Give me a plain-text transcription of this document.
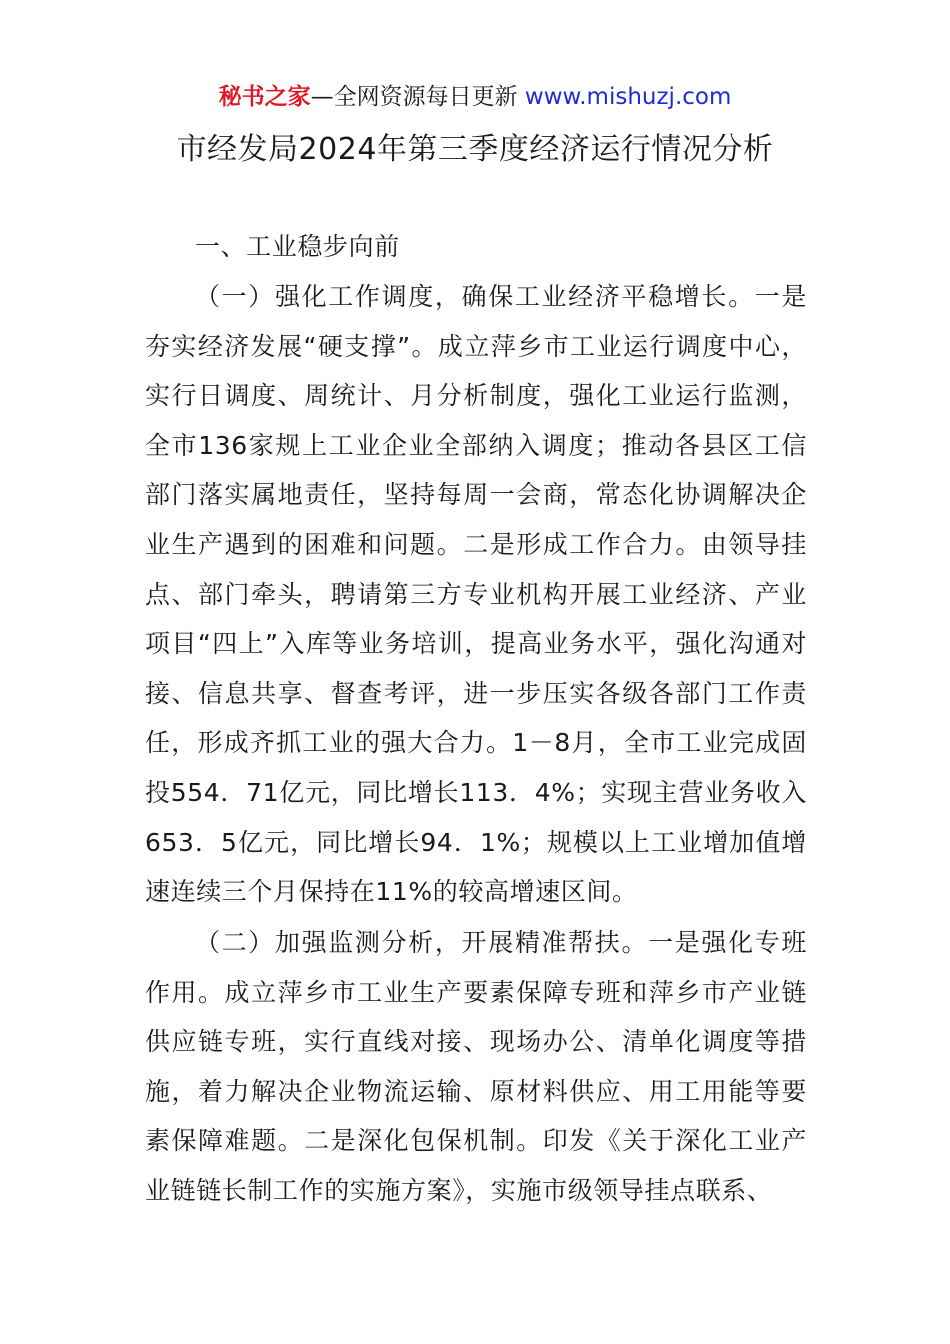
秘书之家—全网资源每日更新 www.mishuzj.com
市经发局2024年第三季度经济运行情况分析
一、工业稳步向前
（一）强化工作调度，确保工业经济平稳增长。一是夯实经济发展“硬支撑”。成立萍乡市工业运行调度中心，实行日调度、周统计、月分析制度，强化工业运行监测，全市136家规上工业企业全部纳入调度；推动各县区工信部门落实属地责任，坚持每周一会商，常态化协调解决企业生产遇到的困难和问题。二是形成工作合力。由领导挂点、部门牵头，聘请第三方专业机构开展工业经济、产业项目“四上”入库等业务培训，提高业务水平，强化沟通对接、信息共享、督查考评，进一步压实各级各部门工作责任，形成齐抓工业的强大合力。1－8月，全市工业完成固投554．71亿元，同比增长113．4%；实现主营业务收入653．5亿元，同比增长94．1%；规模以上工业增加值增速连续三个月保持在11%的较高增速区间。
（二）加强监测分析，开展精准帮扶。一是强化专班作用。成立萍乡市工业生产要素保障专班和萍乡市产业链供应链专班，实行直线对接、现场办公、清单化调度等措施，着力解决企业物流运输、原材料供应、用工用能等要素保障难题。二是深化包保机制。印发《关于深化工业产业链链长制工作的实施方案》，实施市级领导挂点联系、
